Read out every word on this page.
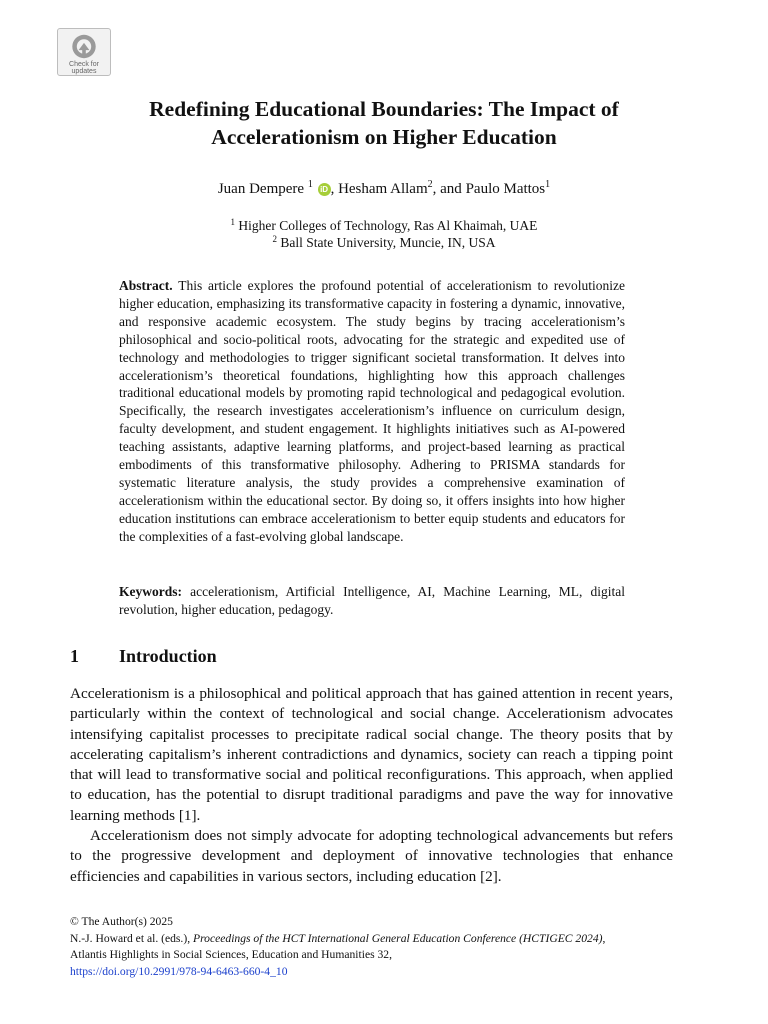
Check for
updates
Redefining Educational Boundaries: The Impact of
Accelerationism on Higher Education
Juan Dempere $^1$ iD , Hesham Allam$^2$, and Paulo Mattos$^1$
$^1$ Higher Colleges of Technology, Ras Al Khaimah, UAE
$^2$ Ball State University, Muncie, IN, USA
Abstract. This article explores the profound potential of accelerationism to revolutionize higher education, emphasizing its transformative capacity in fostering a dynamic, innovative, and responsive academic ecosystem. The study begins by tracing accelerationism’s philosophical and socio-political roots, advocating for the strategic and expedited use of technology and methodologies to trigger significant societal transformation. It delves into accelerationism’s theoretical foundations, highlighting how this approach challenges traditional educational models by promoting rapid technological and pedagogical evolution. Specifically, the research investigates accelerationism’s influence on curriculum design, faculty development, and student engagement. It highlights initiatives such as AI-powered teaching assistants, adaptive learning platforms, and project-based learning as practical embodiments of this transformative philosophy. Adhering to PRISMA standards for systematic literature analysis, the study provides a comprehensive examination of accelerationism within the educational sector. By doing so, it offers insights into how higher education institutions can embrace accelerationism to better equip students and educators for the complexities of a fast-evolving global landscape.
Keywords: accelerationism, Artificial Intelligence, AI, Machine Learning, ML, digital revolution, higher education, pedagogy.
1 Introduction

Accelerationism is a philosophical and political approach that has gained attention in recent years, particularly within the context of technological and social change. Accelerationism advocates intensifying capitalist processes to precipitate radical social change. The theory posits that by accelerating capitalism’s inherent contradictions and dynamics, society can reach a tipping point that will lead to transformative social and political reconfigurations. This approach, when applied to education, has the potential to disrupt traditional paradigms and pave the way for innovative learning methods [1].

Accelerationism does not simply advocate for adopting technological advancements but refers to the progressive development and deployment of innovative technologies that enhance efficiencies and capabilities in various sectors, including education [2].

© The Author(s) 2025
N.-J. Howard et al. (eds.), Proceedings of the HCT International General Education Conference (HCTIGEC 2024),
Atlantis Highlights in Social Sciences, Education and Humanities 32,
https://doi.org/10.2991/978-94-6463-660-4_10
